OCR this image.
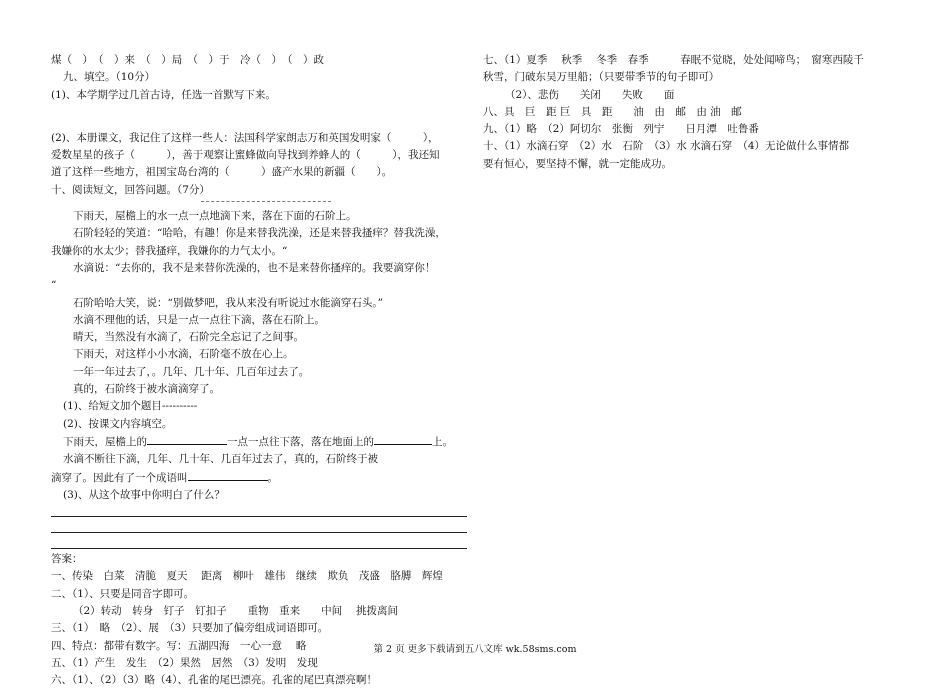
煤（　）　（　）来　（　）局　（　）于　冷（　）　（　）政
九、填空。（10分）
(1)、本学期学过几首古诗，任选一首默写下来。
(2)、本册课文，我记住了这样一些人：法国科学家朗志万和英国发明家（　　　），
爱数星星的孩子（　　　），善于观察让蜜蜂做向导找到养蜂人的（　　　），我还知
道了这样一些地方，祖国宝岛台湾的（　　　）盛产水果的新疆（　　）。
十、阅读短文，回答问题。（7分）
下雨天，屋檐上的水一点一点地滴下来，落在下面的石阶上。
石阶轻轻的笑道：“哈哈，有趣！你是来替我洗澡，还是来替我搔痒？替我洗澡，
我嫌你的水太少；替我搔痒，我嫌你的力气太小。“
水滴说：“去你的，我不是来替你洗澡的，也不是来替你搔痒的。我要滴穿你！
“
石阶哈哈大笑，说：“别做梦吧，我从来没有听说过水能滴穿石头。”
水滴不理他的话，只是一点一点往下滴，落在石阶上。
晴天，当然没有水滴了，石阶完全忘记了之间事。
下雨天，对这样小小水滴，石阶毫不放在心上。
一年一年过去了，。几年、几十年、几百年过去了。
真的，石阶终于被水滴滴穿了。
(1)、给短文加个题目----------
(2)、按课文内容填空。
下雨天，屋檐上的	一点一点往下落，落在地面上的	上。
水滴不断往下滴，几年、几十年、几百年过去了，真的，石阶终于被
滴穿了。因此有了一个成语叫	。
(3)、从这个故事中你明白了什么？
答案：
一、传染　白菜　清脆　夏天　 距离　柳叶　雄伟　继续　欺负　茂盛　胳膊　辉煌
二、（1）、只要是同音字即可。
（2）转动　转身　钉子　钉扣子　　重物　重来　　中间　 挑拨离间
三、（1）　略　（2）、展　（3）只要加了偏旁组成词语即可。
四、特点：都带有数字。写：五湖四海　一心一意　 略
五、（1）产生　发生　（2）果然　居然　（3）发明　发现
六、（1）、（2）（3）略（4）、孔雀的尾巴漂亮。孔雀的尾巴真漂亮啊！
七、（1）夏季　 秋季　 冬季　春季　　　春眠不觉晓，处处闻啼鸟；　窗寒西陵千
秋雪，门破东吴万里船；（只要带季节的句子即可）
（2）、悲伤　　关闭　　失败　　面
八、具　巨　距 巨　具　距　　油　由　邮　由 油　邮
九、（1）略　（2）阿切尔　张衡　列宁　　日月潭　吐鲁番
十、（1）水滴石穿　（2）水　石阶　（3）水 水滴石穿　（4）无论做什么事情都
要有恒心，要坚持不懈，就一定能成功。
第 2 页 更多下载请到五八文库 wk.58sms.com
